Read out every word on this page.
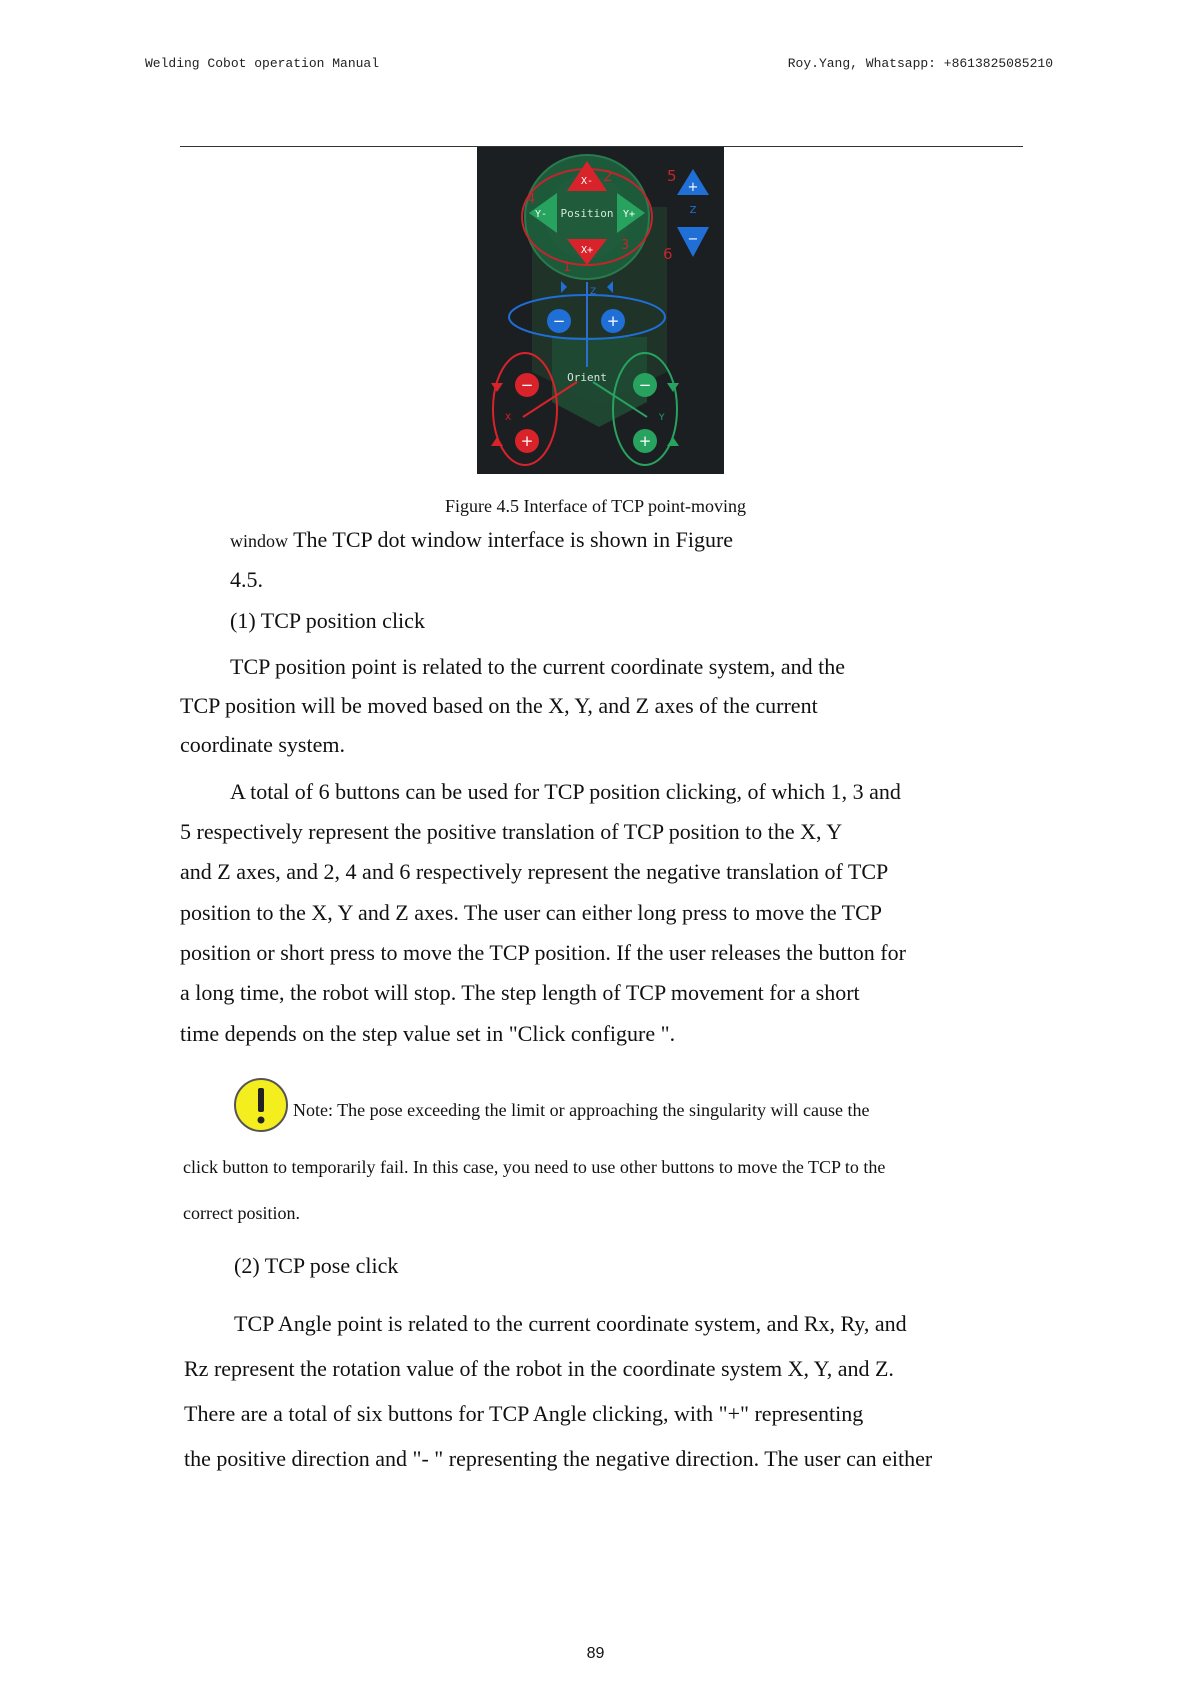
Welding Cobot operation Manual	Roy.Yang, Whatsapp: +8613825085210
X-
X+
Y-	Y+
Position
2
4
3
1
5
6
+
Z
−
Z
−	+
Orient
X
−
+
Y
−
+
Figure 4.5 Interface of TCP point-moving
window The TCP dot window interface is shown in Figure
4.5.
(1) TCP position click
TCP position point is related to the current coordinate system, and the
TCP position will be moved based on the X, Y, and Z axes of the current
coordinate system.
A total of 6 buttons can be used for TCP position clicking, of which 1, 3 and
5 respectively represent the positive translation of TCP position to the X, Y
and Z axes, and 2, 4 and 6 respectively represent the negative translation of TCP
position to the X, Y and Z axes. The user can either long press to move the TCP
position or short press to move the TCP position. If the user releases the button for
a long time, the robot will stop. The step length of TCP movement for a short
time depends on the step value set in "Click configure ".
Note: The pose exceeding the limit or approaching the singularity will cause the
click button to temporarily fail. In this case, you need to use other buttons to move the TCP to the
correct position.
(2) TCP pose click
TCP Angle point is related to the current coordinate system, and Rx, Ry, and
Rz represent the rotation value of the robot in the coordinate system X, Y, and Z.
There are a total of six buttons for TCP Angle clicking, with "+" representing
the positive direction and "- " representing the negative direction. The user can either
89
